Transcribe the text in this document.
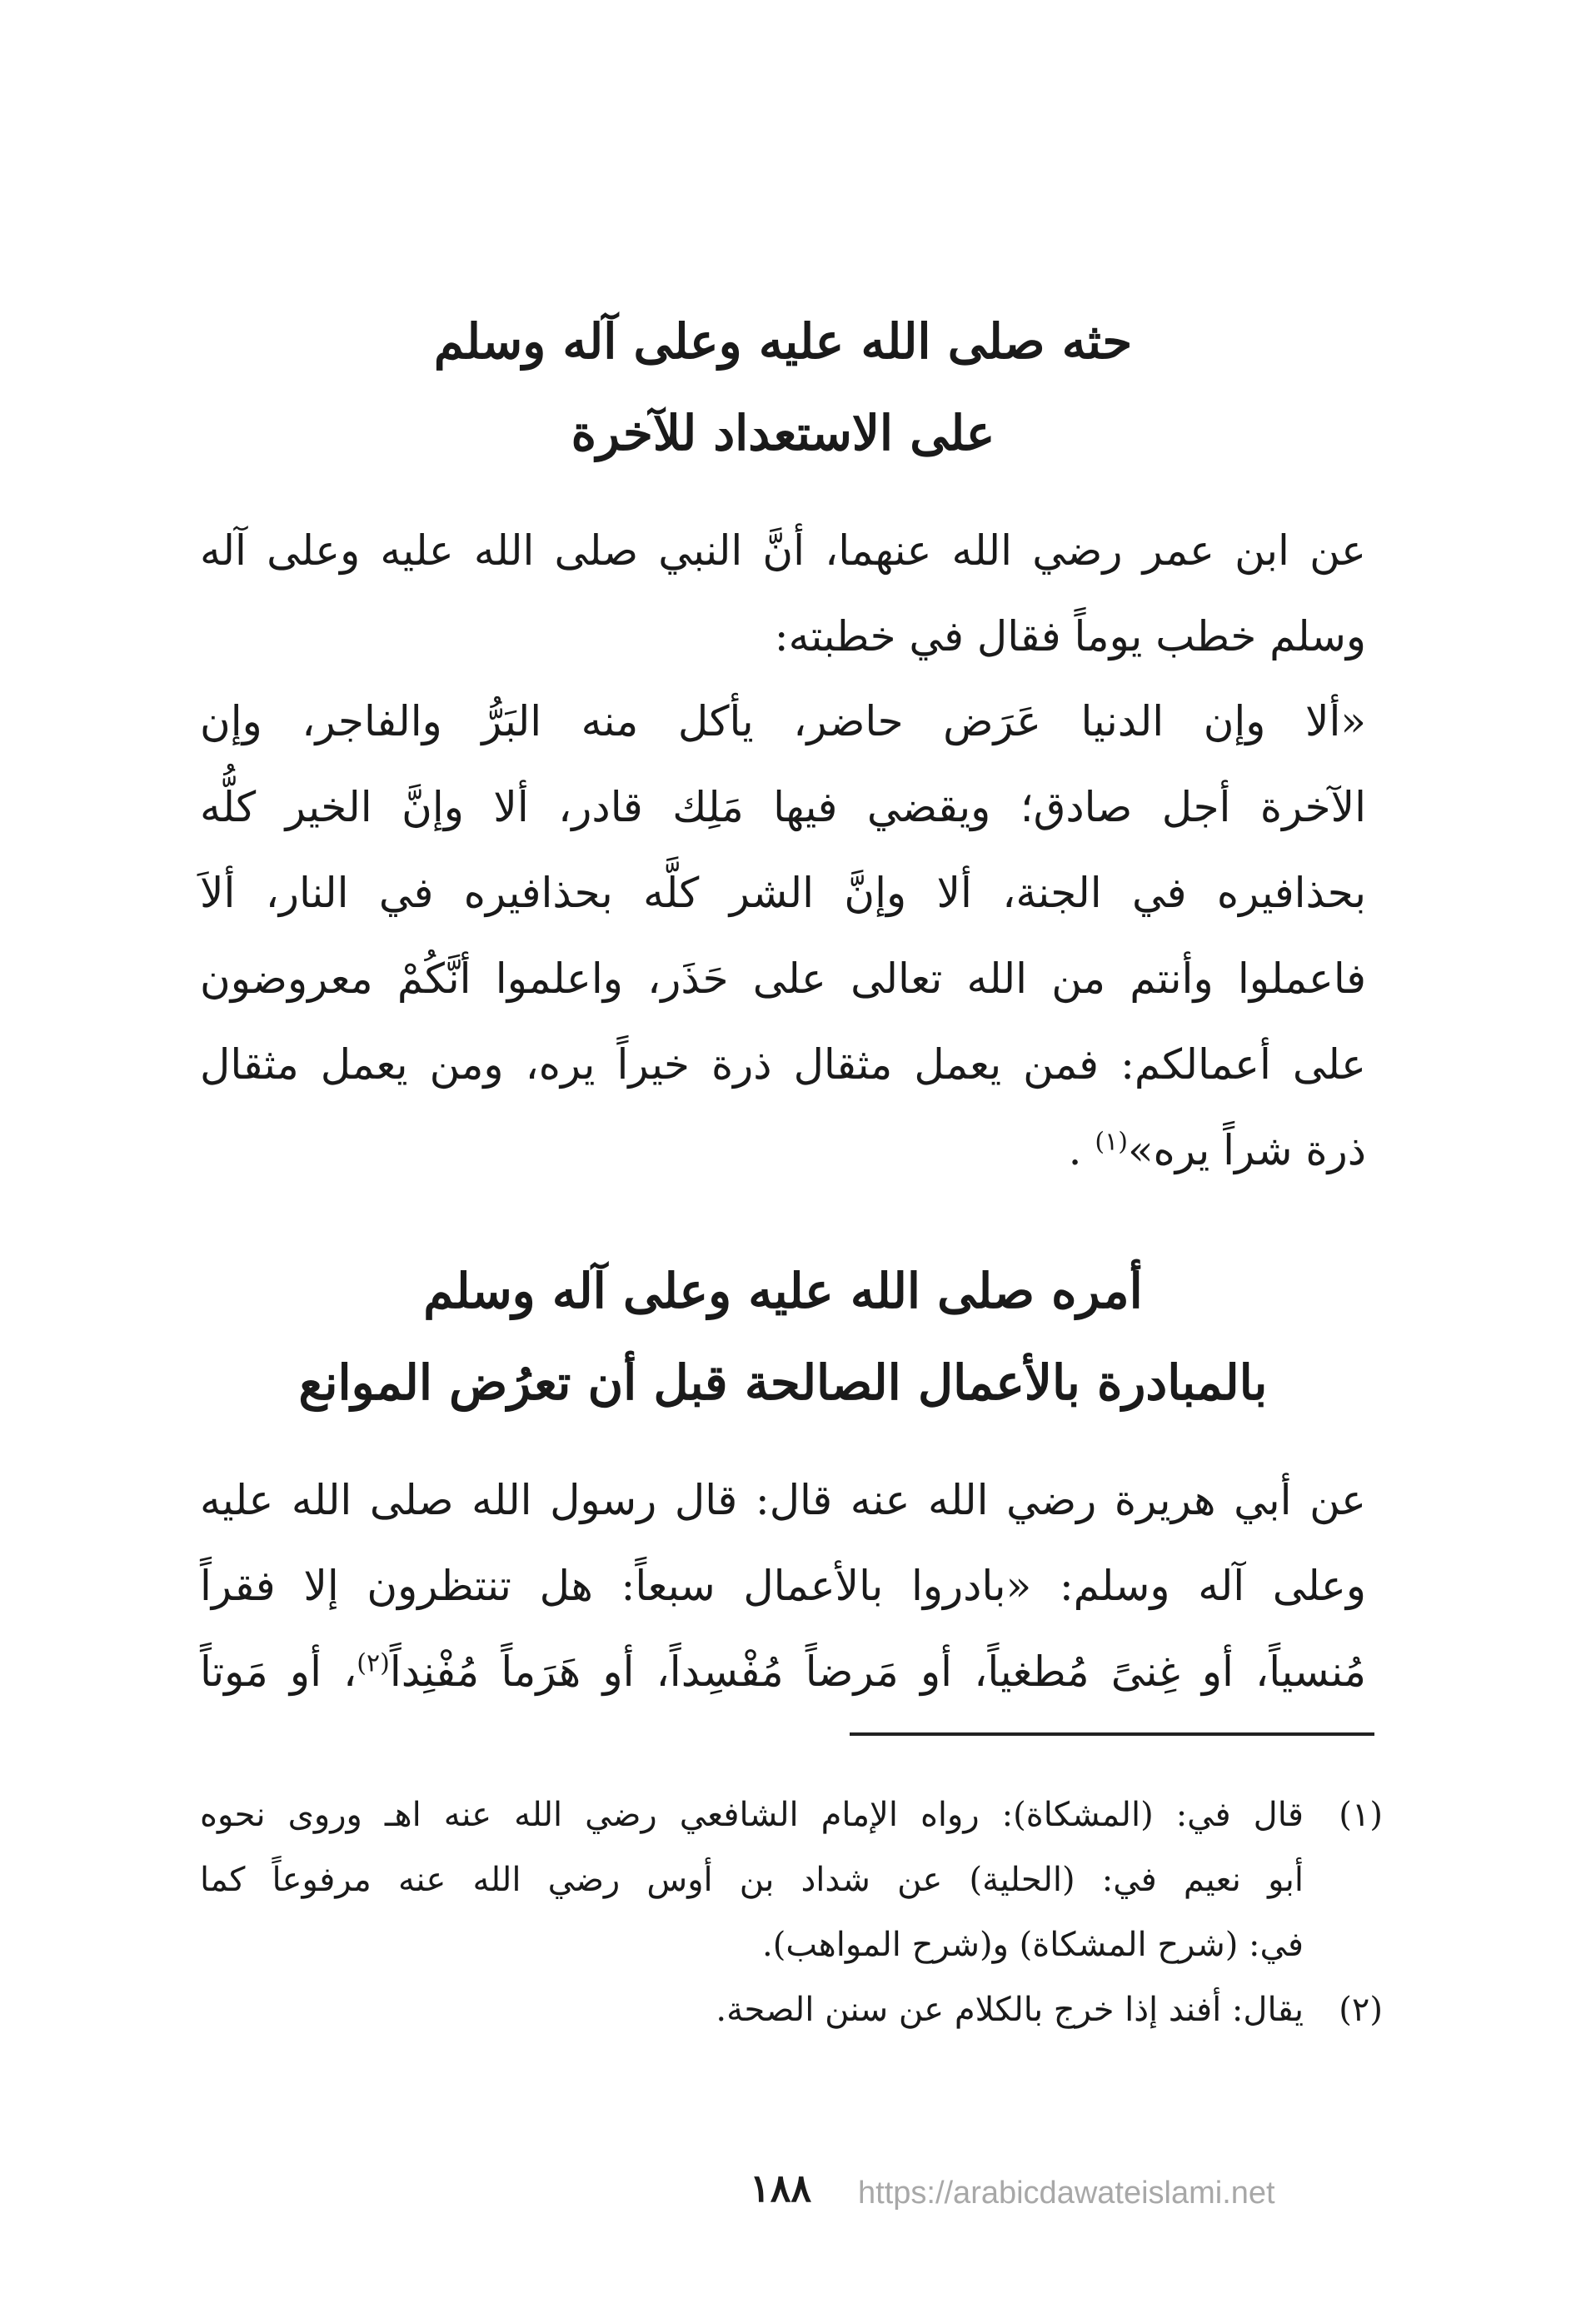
حثه صلى الله عليه وعلى آله وسلم
على الاستعداد للآخرة
عن ابن عمر رضي الله عنهما، أنَّ النبي صلى الله عليه وعلى آله
وسلم خطب يوماً فقال في خطبته:
«ألا وإن الدنيا عَرَض حاضر، يأكل منه البَرُّ والفاجر، وإن
الآخرة أجل صادق؛ ويقضي فيها مَلِك قادر، ألا وإنَّ الخير كلُّه
بحذافيره في الجنة، ألا وإنَّ الشر كلَّه بحذافيره في النار، ألاَ
فاعملوا وأنتم من الله تعالى على حَذَر، واعلموا أنَّكُمْ معروضون
على أعمالكم: فمن يعمل مثقال ذرة خيراً يره، ومن يعمل مثقال
ذرة شراً يره»$^{(١)}$ .
أمره صلى الله عليه وعلى آله وسلم
بالمبادرة بالأعمال الصالحة قبل أن تعرُض الموانع
عن أبي هريرة رضي الله عنه قال: قال رسول الله صلى الله عليه
وعلى آله وسلم: «بادروا بالأعمال سبعاً: هل تنتظرون إلا فقراً
مُنسياً، أو غِنىً مُطغياً، أو مَرضاً مُفْسِداً، أو هَرَماً مُفْنِداً$^{(٢)}$، أو مَوتاً
(١)
قال في: (المشكاة): رواه الإمام الشافعي رضي الله عنه اهـ وروى نحوه
أبو نعيم في: (الحلية) عن شداد بن أوس رضي الله عنه مرفوعاً كما
في: (شرح المشكاة) و(شرح المواهب).
(٢)
يقال: أفند إذا خرج بالكلام عن سنن الصحة.
١٨٨ https://arabicdawateislami.net
